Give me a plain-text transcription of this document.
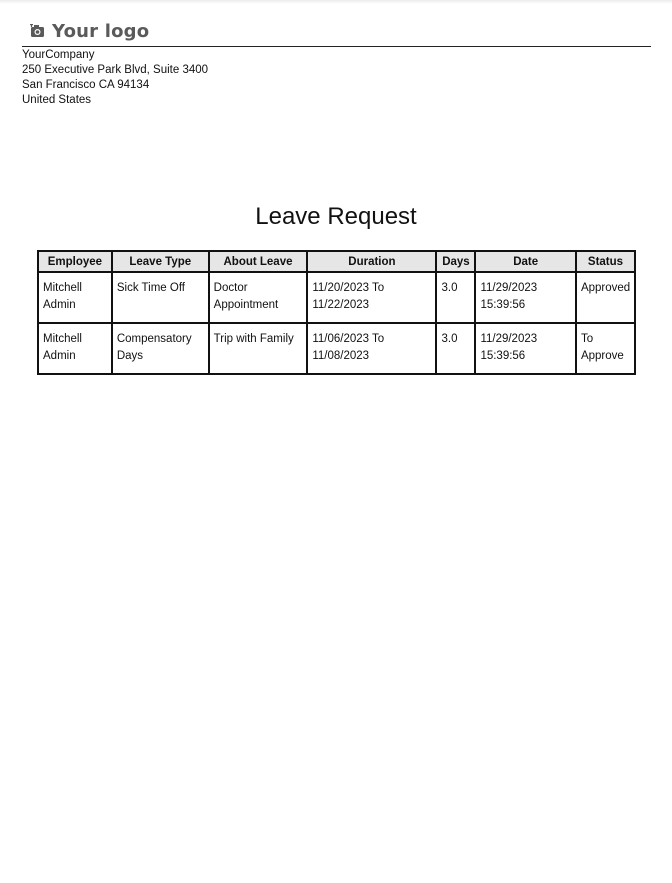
Your logo
YourCompany
250 Executive Park Blvd, Suite 3400
San Francisco CA 94134
United States
Leave Request
Employee	Leave Type	About Leave	Duration	Days	Date	Status
Mitchell Admin	Sick Time Off	Doctor Appointment	11/20/2023 To 11/22/2023	3.0	11/29/2023 15:39:56	Approved
Mitchell Admin	Compensatory Days	Trip with Family	11/06/2023 To 11/08/2023	3.0	11/29/2023 15:39:56	To Approve
